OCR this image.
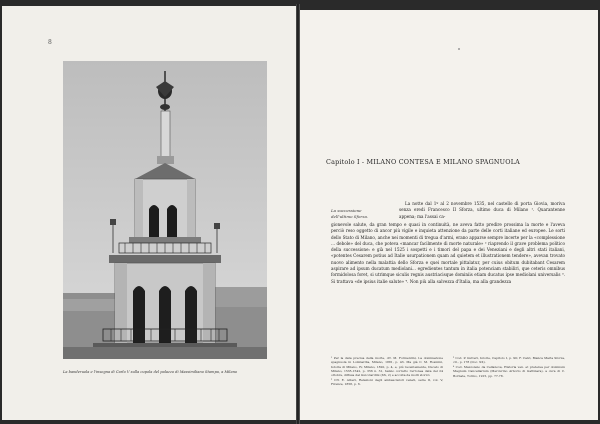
8
La banderuola e l'insegna di Carlo V sulla cupola del palazzo di Massimiliano Stampa, a Milano
Capitolo I - MILANO CONTESA E MILANO SPAGNUOLA
La successione
dell'ultimo Sforza.

La notte dal 1º al 2 novembre 1535, nel castello di porta Giovia, moriva senza eredi Francesco II Sforza, ultimo duca di Milano ¹. Quarantenne appena; ma l'assai ca-

gionevole salute, da gran tempo e quasi in continuità, ne aveva fatto predire prossima la morte e l'aveva perciò reso oggetto di ancor più vigile e inquieta attenzione da parte delle corti italiane ed europee. Le sorti dello Stato di Milano, anche nei momenti di tregua d'armi, erano apparse sempre incerte per la «complessione ... debole» del duca, che poteva «mancar facilmente di morte naturale» ² riaprendo il grave problema politico della successione: e già nel 1525 i sospetti e i timori del papa e dei Veneziani e degli altri stati italiani, «potentes Cesarem potius ad Italie usurpationem quam ad quietem et illustrationem tendere», avevan trovato nuovo alimento nella malattia dello Sforza e quei mortale pittalatur, per cuius obitum dubitabant Cesarem aspirare ad ipsum ducatum mediolani... egredientes tantum in italia potenciam stabiliri, que ceteris omnibus formidolosa foret, si utrimque siculis regnis austriacisque dominiis etiam ducatus ipse mediolani universalis ³. Si trattava «de ipsius italie salute» ⁴. Non più alla salvezza d'Italia, ma alla grandezza

¹ Per la data precisa della morte, cfr. M. Formentini, La dominazione spagnuola in Lombardia, Milano, 1881, p. 43. Ma già C. M. Rosmini, Istoria di Milano, IV, Milano, 1820, p. 4, e, più recentemente, Ducato di Milano, 1535-1542, p. 356 n. 31, hanno corretto l'erronea data del 24 ottobre, diffusa dal Guicciardini (XX, 2) e accolta da molti storici.

² Cfr. E. Alberi, Relazioni degli ambasciatori veneti, serie II, vol. V, Firenze, 1858, p. 6.

³ Cod. P. Gutteri, Istorie, Capitolo I, p. 90; F. Calvi, Bianca Maria Sforza, cit., p. 178 (Doc. XX).

⁴ Cod. Mazzoleno da Cellanova, Historia ven. et preterea per dominum Magnum Cancellarium (Mercurino Arborio di Gattinara), a cura di C. Bornate, Torino, 1915, pp. 77-78.
